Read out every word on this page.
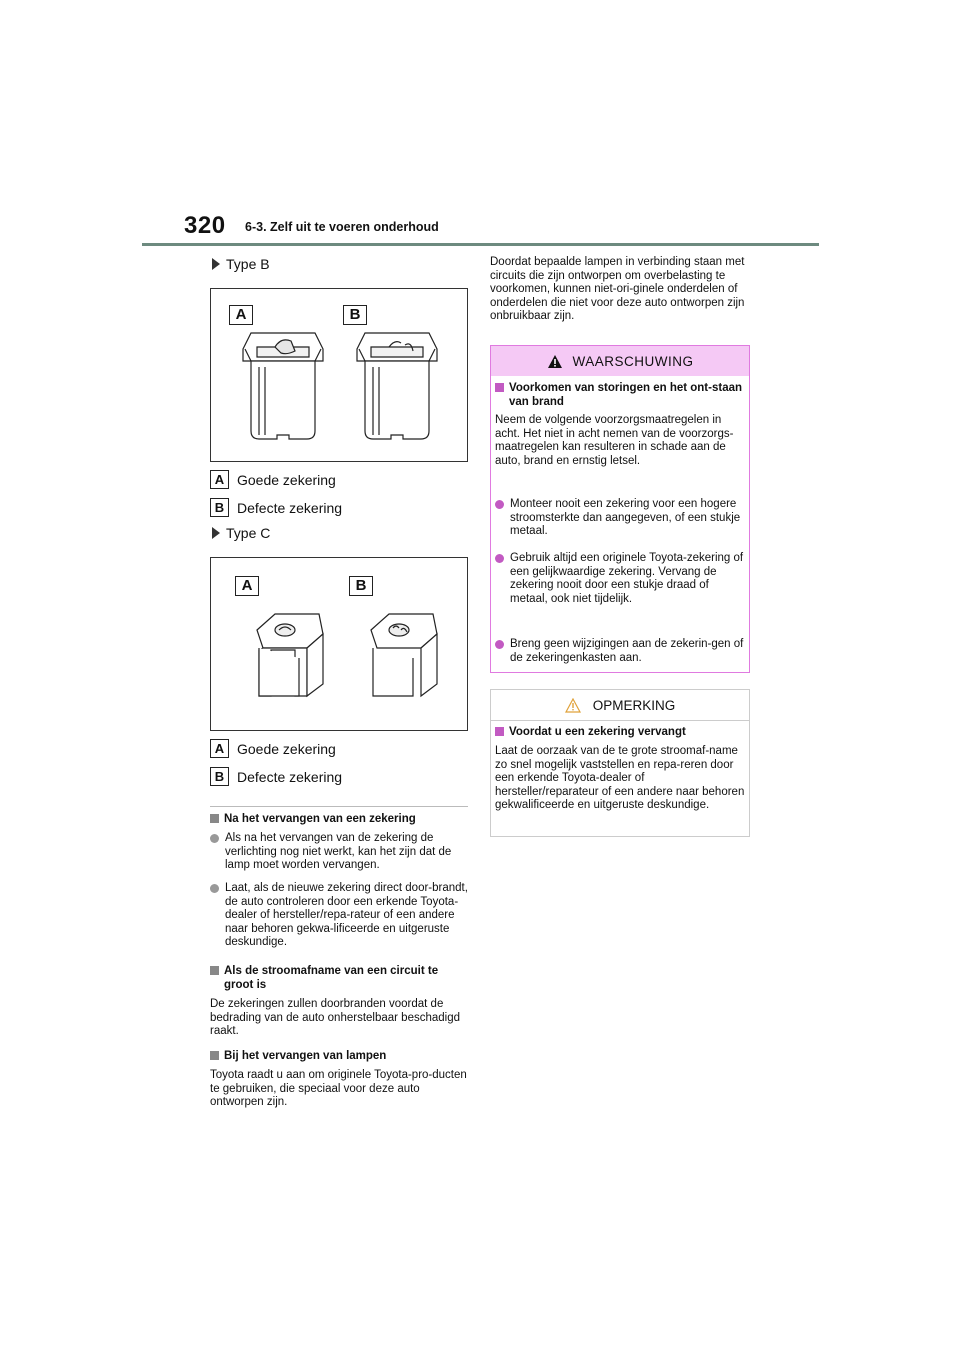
320 6-3. Zelf uit te voeren onderhoud
Type B
A	B
A Goede zekering
B Defecte zekering
Type C
A	B
A Goede zekering
B Defecte zekering
Na het vervangen van een zekering
Als na het vervangen van de zekering de verlichting nog niet werkt, kan het zijn dat de lamp moet worden vervangen.
Laat, als de nieuwe zekering direct door-brandt, de auto controleren door een erkende Toyota-dealer of hersteller/repa-rateur of een andere naar behoren gekwa-lificeerde en uitgeruste deskundige.
Als de stroomafname van een circuit te groot is
De zekeringen zullen doorbranden voordat de bedrading van de auto onherstelbaar beschadigd raakt.
Bij het vervangen van lampen
Toyota raadt u aan om originele Toyota-pro-ducten te gebruiken, die speciaal voor deze auto ontworpen zijn.
Doordat bepaalde lampen in verbinding staan met circuits die zijn ontworpen om overbelasting te voorkomen, kunnen niet-ori-ginele onderdelen of onderdelen die niet voor deze auto ontworpen zijn onbruikbaar zijn.
WAARSCHUWING
Voorkomen van storingen en het ont-staan van brand
Neem de volgende voorzorgsmaatregelen in acht. Het niet in acht nemen van de voorzorgs-maatregelen kan resulteren in schade aan de auto, brand en ernstig letsel.
Monteer nooit een zekering voor een hogere stroomsterkte dan aangegeven, of een stukje metaal.
Gebruik altijd een originele Toyota-zekering of een gelijkwaardige zekering. Vervang de zekering nooit door een stukje draad of metaal, ook niet tijdelijk.
Breng geen wijzigingen aan de zekerin-gen of de zekeringenkasten aan.
OPMERKING
Voordat u een zekering vervangt
Laat de oorzaak van de te grote stroomaf-name zo snel mogelijk vaststellen en repa-reren door een erkende Toyota-dealer of hersteller/reparateur of een andere naar behoren gekwalificeerde en uitgeruste deskundige.
